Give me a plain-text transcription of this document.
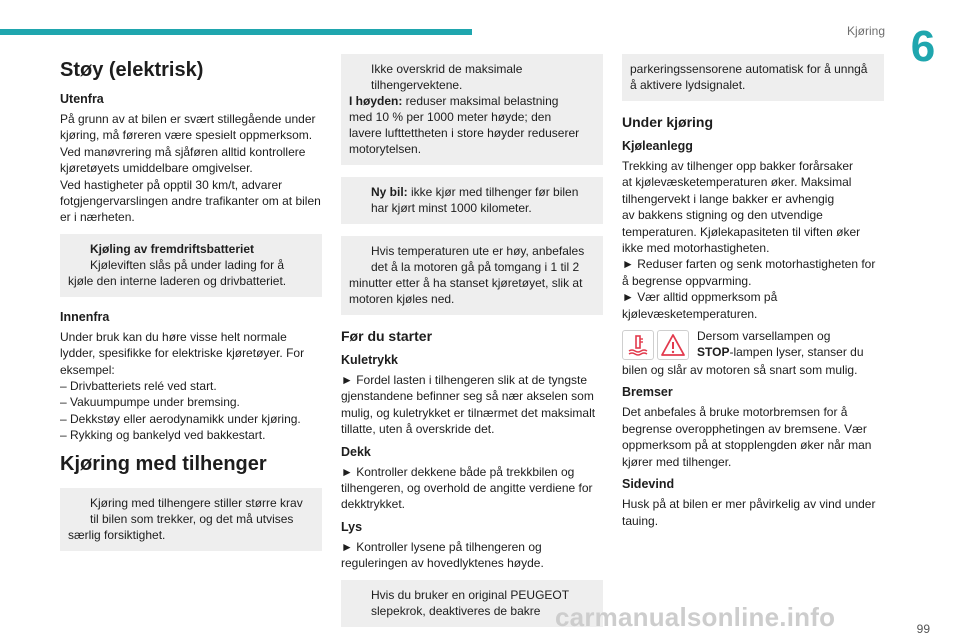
Kjøring 6
Støy (elektrisk)
Utenfra

På grunn av at bilen er svært stillegående under
kjøring, må føreren være spesielt oppmerksom.
Ved manøvrering må sjåføren alltid kontrollere
kjøretøyets umiddelbare omgivelser.
Ved hastigheter på opptil 30 km/t, advarer
fotgjengervarslingen andre trafikanter om at bilen
er i nærheten.

Kjøling av fremdriftsbatteriet
Kjøleviften slås på under lading for å
kjøle den interne laderen og drivbatteriet.
Innenfra

Under bruk kan du høre visse helt normale
lydder, spesifikke for elektriske kjøretøyer. For
eksempel:
– Drivbatteriets relé ved start.
– Vakuumpumpe under bremsing.
– Dekkstøy eller aerodynamikk under kjøring.
– Rykking og bankelyd ved bakkestart.

Kjøring med tilhenger
Kjøring med tilhengere stiller større krav
til bilen som trekker, og det må utvises
særlig forsiktighet.
Ikke overskrid de maksimale
tilhengervektene.
I høyden: reduser maksimal belastning
med 10 % per 1000 meter høyde; den
lavere lufttettheten i store høyder reduserer
motorytelsen.
Ny bil: ikke kjør med tilhenger før bilen
har kjørt minst 1000 kilometer.
Hvis temperaturen ute er høy, anbefales
det å la motoren gå på tomgang i 1 til 2
minutter etter å ha stanset kjøretøyet, slik at
motoren kjøles ned.
Før du starter
Kuletrykk

► Fordel lasten i tilhengeren slik at de tyngste
gjenstandene befinner seg så nær akselen som
mulig, og kuletrykket er tilnærmet det maksimalt
tillatte, uten å overskride det.

Dekk

► Kontroller dekkene både på trekkbilen og
tilhengeren, og overhold de angitte verdiene for
dekktrykket.

Lys

► Kontroller lysene på tilhengeren og
reguleringen av hovedlyktenes høyde.

Hvis du bruker en original PEUGEOT
slepekrok, deaktiveres de bakre
parkeringssensorene automatisk for å unngå
å aktivere lydsignalet.
Under kjøring
Kjøleanlegg

Trekking av tilhenger opp bakker forårsaker
at kjølevæsketemperaturen øker. Maksimal
tilhengervekt i lange bakker er avhengig
av bakkens stigning og den utvendige
temperaturen. Kjølekapasiteten til viften øker
ikke med motorhastigheten.
► Reduser farten og senk motorhastigheten for
å begrense oppvarming.
► Vær alltid oppmerksom på
kjølevæsketemperaturen.

Dersom varsellampen og
STOP-lampen lyser, stanser du
bilen og slår av motoren så snart som mulig.
Bremser

Det anbefales å bruke motorbremsen for å
begrense overopphetingen av bremsene. Vær
oppmerksom på at stopplengden øker når man
kjører med tilhenger.

Sidevind

Husk på at bilen er mer påvirkelig av vind under
tauing.

carmanualsonline.info	99
